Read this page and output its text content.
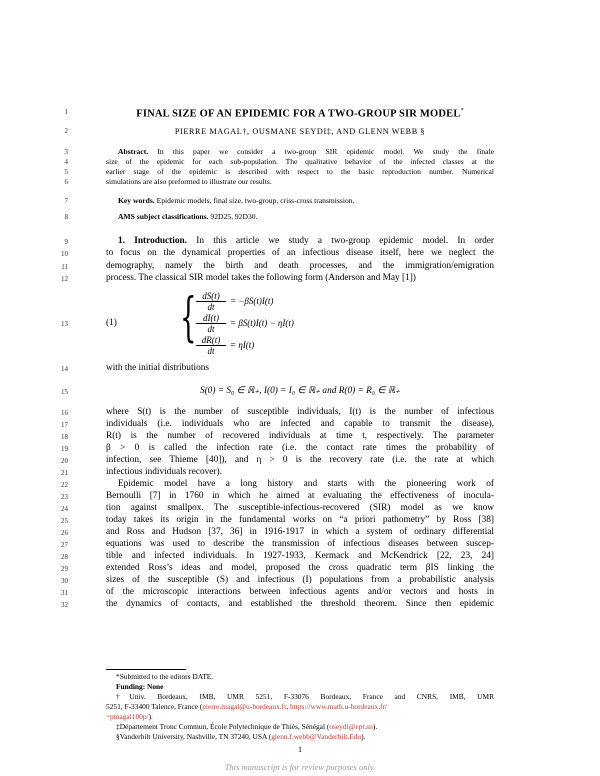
1
2
3
4
5
6
7
8
9
10
11
12
13
14
15
16
17
18
19
20
21
22
23
24
25
26
27
28
29
30
31
32
FINAL SIZE OF AN EPIDEMIC FOR A TWO-GROUP SIR MODEL*
PIERRE MAGAL†, OUSMANE SEYDI‡, AND GLENN WEBB §
Abstract. In this paper we consider a two-group SIR epidemic model. We study the finale
size of the epidemic for each sub-population. The qualitative behavior of the infected classes at the
earlier stage of the epidemic is described with respect to the basic reproduction number. Numerical
simulations are also preformed to illustrate our results.
Key words. Epidemic models, final size, two-group, criss-cross transmission.
AMS subject classifications. 92D25, 92D30.
1. Introduction. In this article we study a two-group epidemic model. In order
to focus on the dynamical properties of an infectious disease itself, here we neglect the
demography, namely the birth and death processes, and the immigration/emigration
process. The classical SIR model takes the following form (Anderson and May [1])
(1) { $\frac{dS(t)}{dt} = -\beta S(t)I(t)$
$\frac{dI(t)}{dt} = \beta S(t)I(t) - \eta I(t)$
$\frac{dR(t)}{dt} = \eta I(t)$
with the initial distributions
S(0) = S₀ ∈ ℝ₊, I(0) = I₀ ∈ ℝ₊ and R(0) = R₀ ∈ ℝ₊
where S(t) is the number of susceptible individuals, I(t) is the number of infectious
individuals (i.e. individuals who are infected and capable to transmit the disease),
R(t) is the number of recovered individuals at time t, respectively. The parameter
β > 0 is called the infection rate (i.e. the contact rate times the probability of
infection, see Thieme [40]), and η > 0 is the recovery rate (i.e. the rate at which
infectious individuals recover).
Epidemic model have a long history and starts with the pioneering work of
Bernoulli [7] in 1760 in which he aimed at evaluating the effectiveness of inocula-
tion against smallpox. The susceptible-infectious-recovered (SIR) model as we know
today takes its origin in the fundamental works on “a priori pathometry” by Ross [38]
and Ross and Hudson [37, 36] in 1916-1917 in which a system of ordinary differential
equations was used to describe the transmission of infectious diseases between suscep-
tible and infected individuals. In 1927-1933, Kermack and McKendrick [22, 23, 24]
extended Ross’s ideas and model, proposed the cross quadratic term βIS linking the
sizes of the susceptible (S) and infectious (I) populations from a probabilistic analysis
of the microscopic interactions between infectious agents and/or vectors and hosts in
the dynamics of contacts, and established the threshold theorem. Since then epidemic
*Submitted to the editors DATE.
Funding: None
†Univ. Bordeaux, IMB, UMR 5251, F-33076 Bordeaux, France and CNRS, IMB, UMR
5251, F-33400 Talence, France (pierre.magal@u-bordeaux.fr, https://www.math.u-bordeaux.fr/
~pmagal100p/).
‡Département Tronc Commun, École Polytechnique de Thiès, Sénégal (oseydi@ept.sn).
§Vanderbilt University, Nashville, TN 37240, USA (glenn.f.webb@Vanderbilt.Edu).
1
This manuscript is for review purposes only.
